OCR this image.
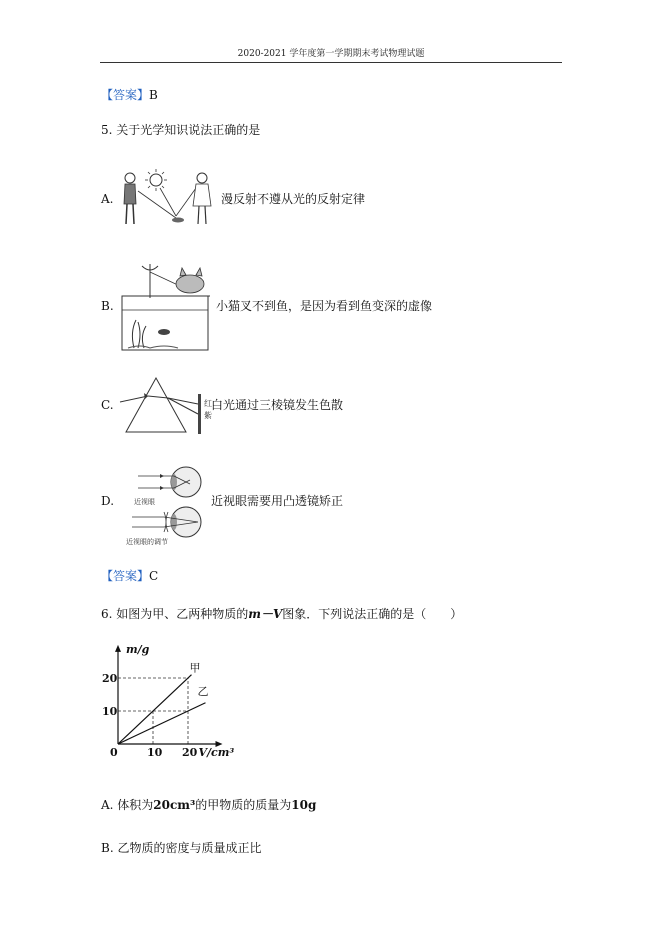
2020-2021 学年度第一学期期末考试物理试题
【答案】B
5. 关于光学知识说法正确的是
A.	漫反射不遵从光的反射定律
B.	小猫叉不到鱼，是因为看到鱼变深的虚像
C.	红
紫
白光通过三棱镜发生色散
D.	近视眼
近视眼的调节
近视眼需要用凸透镜矫正
【答案】C
6. 如图为甲、乙两种物质的m－V图象．下列说法正确的是（　　）
甲
乙
10 20
10
20
0
m/g
V/cm³
A. 体积为20cm³的甲物质的质量为10g
B. 乙物质的密度与质量成正比
